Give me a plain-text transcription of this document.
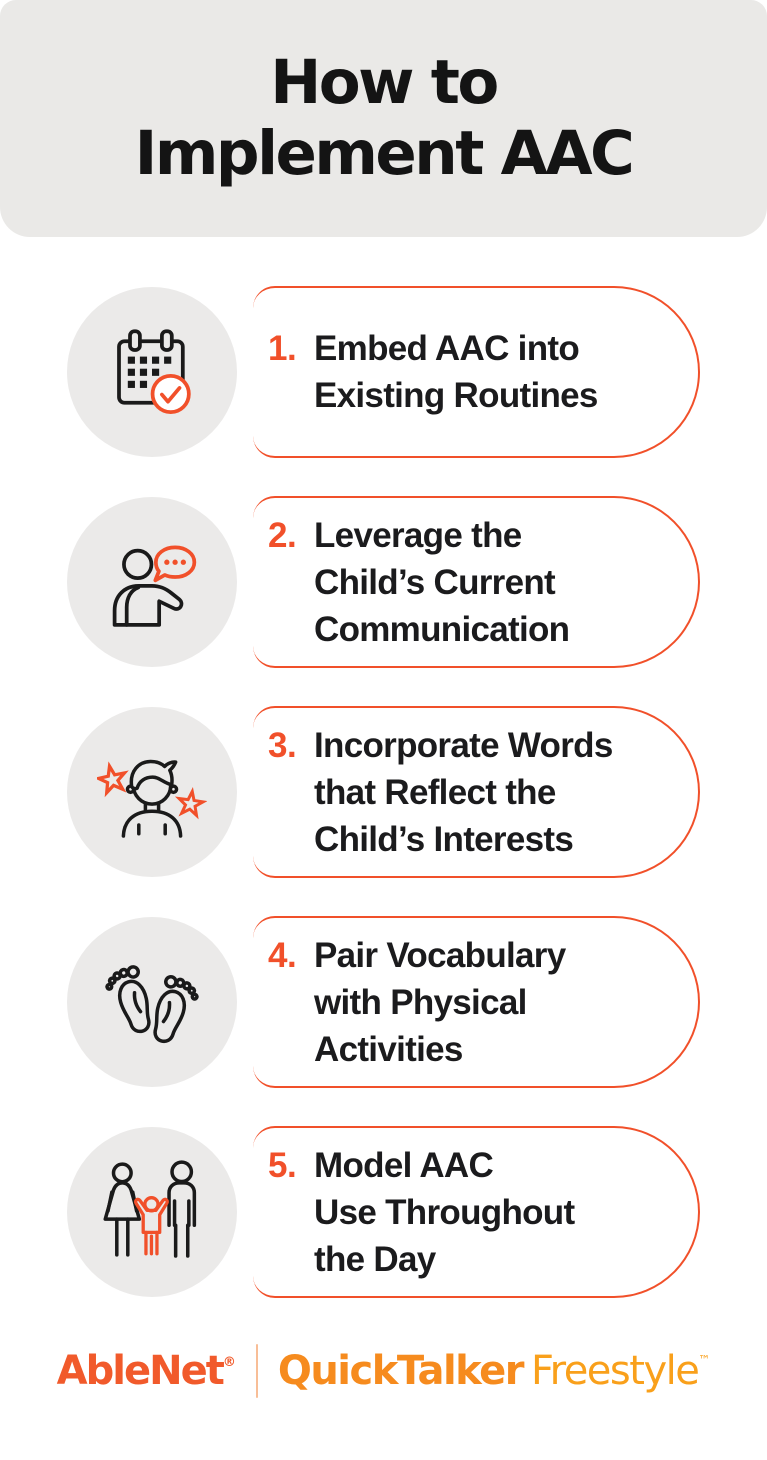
How to
Implement AAC
1. Embed AAC into
Existing Routines
2. Leverage the
Child’s Current
Communication
3. Incorporate Words
that Reflect the
Child’s Interests
4. Pair Vocabulary
with Physical
Activities
5. Model AAC
Use Throughout
the Day
AbleNet® QuickTalker Freestyle™
